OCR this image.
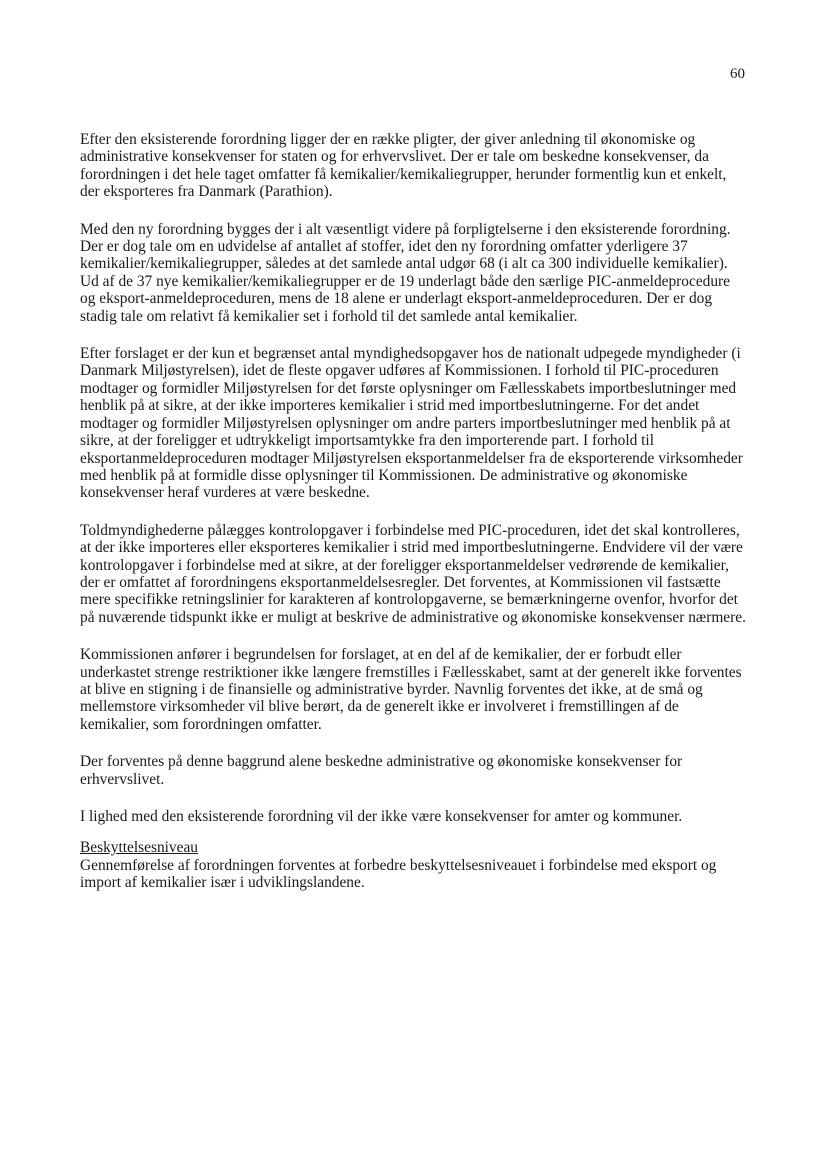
60

Efter den eksisterende forordning ligger der en række pligter, der giver anledning til økonomiske og administrative konsekvenser for staten og for erhvervslivet. Der er tale om beskedne konsekvenser, da forordningen i det hele taget omfatter få kemikalier/kemikaliegrupper, herunder formentlig kun et enkelt, der eksporteres fra Danmark (Parathion).

Med den ny forordning bygges der i alt væsentligt videre på forpligtelserne i den eksisterende forordning. Der er dog tale om en udvidelse af antallet af stoffer, idet den ny forordning omfatter yderligere 37 kemikalier/kemikaliegrupper, således at det samlede antal udgør 68 (i alt ca 300 individuelle kemikalier). Ud af de 37 nye kemikalier/kemikaliegrupper er de 19 underlagt både den særlige PIC-anmeldeprocedure og eksport-anmeldeproceduren, mens de 18 alene er underlagt eksport-anmeldeproceduren. Der er dog stadig tale om relativt få kemikalier set i forhold til det samlede antal kemikalier.

Efter forslaget er der kun et begrænset antal myndighedsopgaver hos de nationalt udpegede myndigheder (i Danmark Miljøstyrelsen), idet de fleste opgaver udføres af Kommissionen. I forhold til PIC-proceduren modtager og formidler Miljøstyrelsen for det første oplysninger om Fællesskabets importbeslutninger med henblik på at sikre, at der ikke importeres kemikalier i strid med importbeslutningerne. For det andet modtager og formidler Miljøstyrelsen oplysninger om andre parters importbeslutninger med henblik på at sikre, at der foreligger et udtrykkeligt importsamtykke fra den importerende part. I forhold til eksportanmeldeproceduren modtager Miljøstyrelsen eksportanmeldelser fra de eksporterende virksomheder med henblik på at formidle disse oplysninger til Kommissionen. De administrative og økonomiske konsekvenser heraf vurderes at være beskedne.

Toldmyndighederne pålægges kontrolopgaver i forbindelse med PIC-proceduren, idet det skal kontrolleres, at der ikke importeres eller eksporteres kemikalier i strid med importbeslutningerne. Endvidere vil der være kontrolopgaver i forbindelse med at sikre, at der foreligger eksportanmeldelser vedrørende de kemikalier, der er omfattet af forordningens eksportanmeldelsesregler. Det forventes, at Kommissionen vil fastsætte mere specifikke retningslinier for karakteren af kontrolopgaverne, se bemærkningerne ovenfor, hvorfor det på nuværende tidspunkt ikke er muligt at beskrive de administrative og økonomiske konsekvenser nærmere.

Kommissionen anfører i begrundelsen for forslaget, at en del af de kemikalier, der er forbudt eller underkastet strenge restriktioner ikke længere fremstilles i Fællesskabet, samt at der generelt ikke forventes at blive en stigning i de finansielle og administrative byrder. Navnlig forventes det ikke, at de små og mellemstore virksomheder vil blive berørt, da de generelt ikke er involveret i fremstillingen af de kemikalier, som forordningen omfatter.

Der forventes på denne baggrund alene beskedne administrative og økonomiske konsekvenser for erhvervslivet.

I lighed med den eksisterende forordning vil der ikke være konsekvenser for amter og kommuner.

Beskyttelsesniveau

Gennemførelse af forordningen forventes at forbedre beskyttelsesniveauet i forbindelse med eksport og import af kemikalier især i udviklingslandene.
